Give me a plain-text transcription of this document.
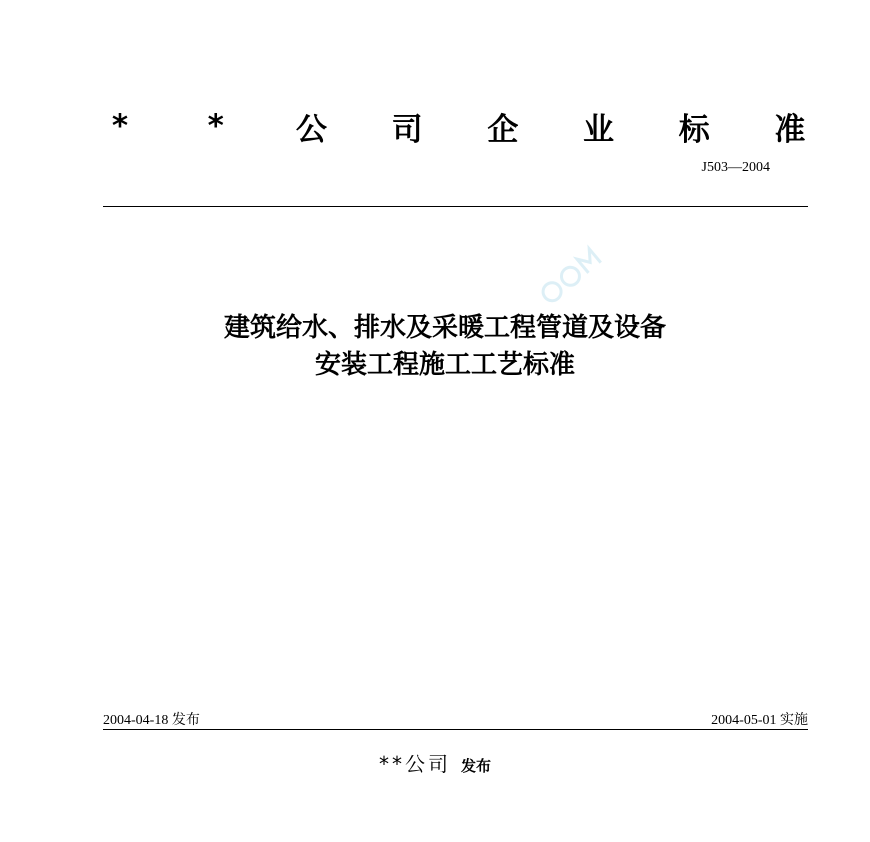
*	*	公 司 企 业 标 准
J503—2004
建筑给水、排水及采暖工程管道及设备
安装工程施工工艺标准
2004-04-18 发布	2004-05-01 实施
**公司 发布
